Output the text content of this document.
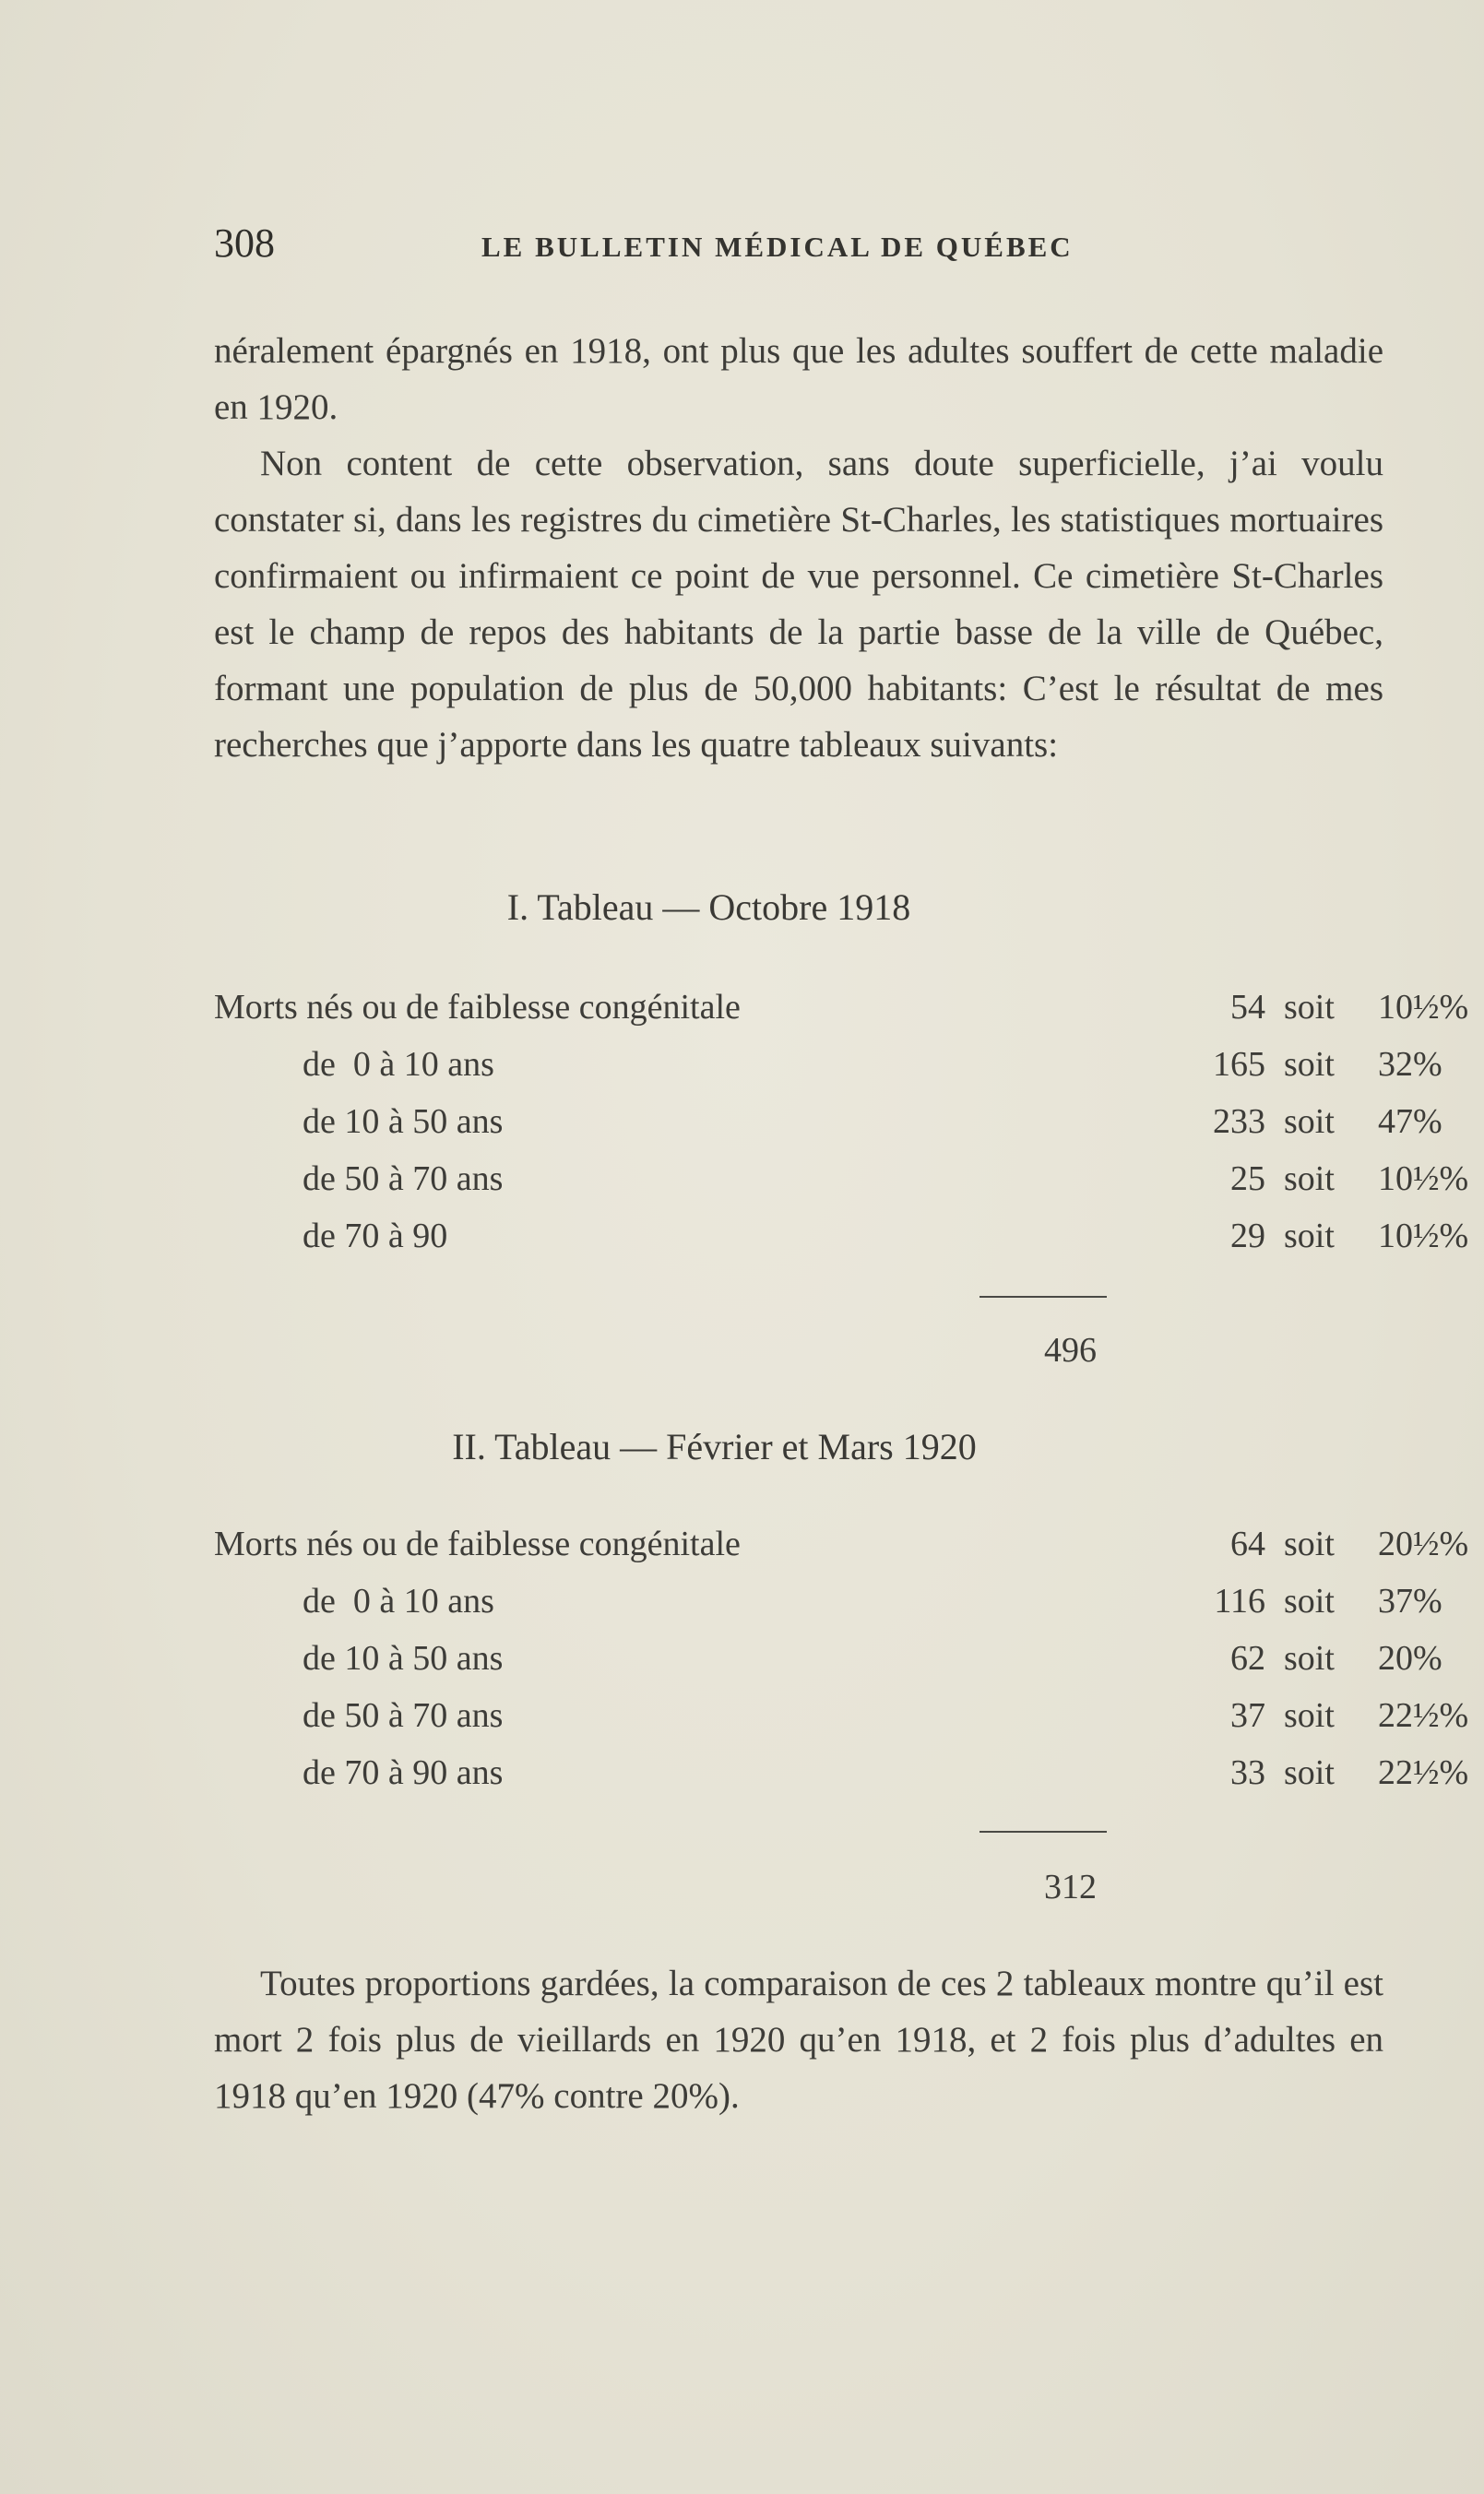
308	LE BULLETIN MÉDICAL DE QUÉBEC

néralement épargnés en 1918, ont plus que les adultes souffert de cette maladie en 1920.

Non content de cette observation, sans doute superficielle, j’ai voulu constater si, dans les registres du cimetière St-Charles, les statistiques mortuaires confirmaient ou infirmaient ce point de vue personnel. Ce cimetière St-Charles est le champ de repos des habitants de la partie basse de la ville de Québec, formant une population de plus de 50,000 habitants: C’est le résultat de mes recherches que j’apporte dans les quatre tableaux suivants:

I. Tableau — Octobre 1918
Morts nés ou de faiblesse congénitale	54 soit 10½%
de  0 à 10 ans	165 soit 32%
de 10 à 50 ans	233 soit 47%
de 50 à 70 ans	25 soit 10½%
de 70 à 90	29 soit 10½%
496
II. Tableau — Février et Mars 1920
Morts nés ou de faiblesse congénitale	64 soit 20½%
de  0 à 10 ans	116 soit 37%
de 10 à 50 ans	62 soit 20%
de 50 à 70 ans	37 soit 22½%
de 70 à 90 ans	33 soit 22½%
312

Toutes proportions gardées, la comparaison de ces 2 tableaux montre qu’il est mort 2 fois plus de vieillards en 1920 qu’en 1918, et 2 fois plus d’adultes en 1918 qu’en 1920 (47% contre 20%).
